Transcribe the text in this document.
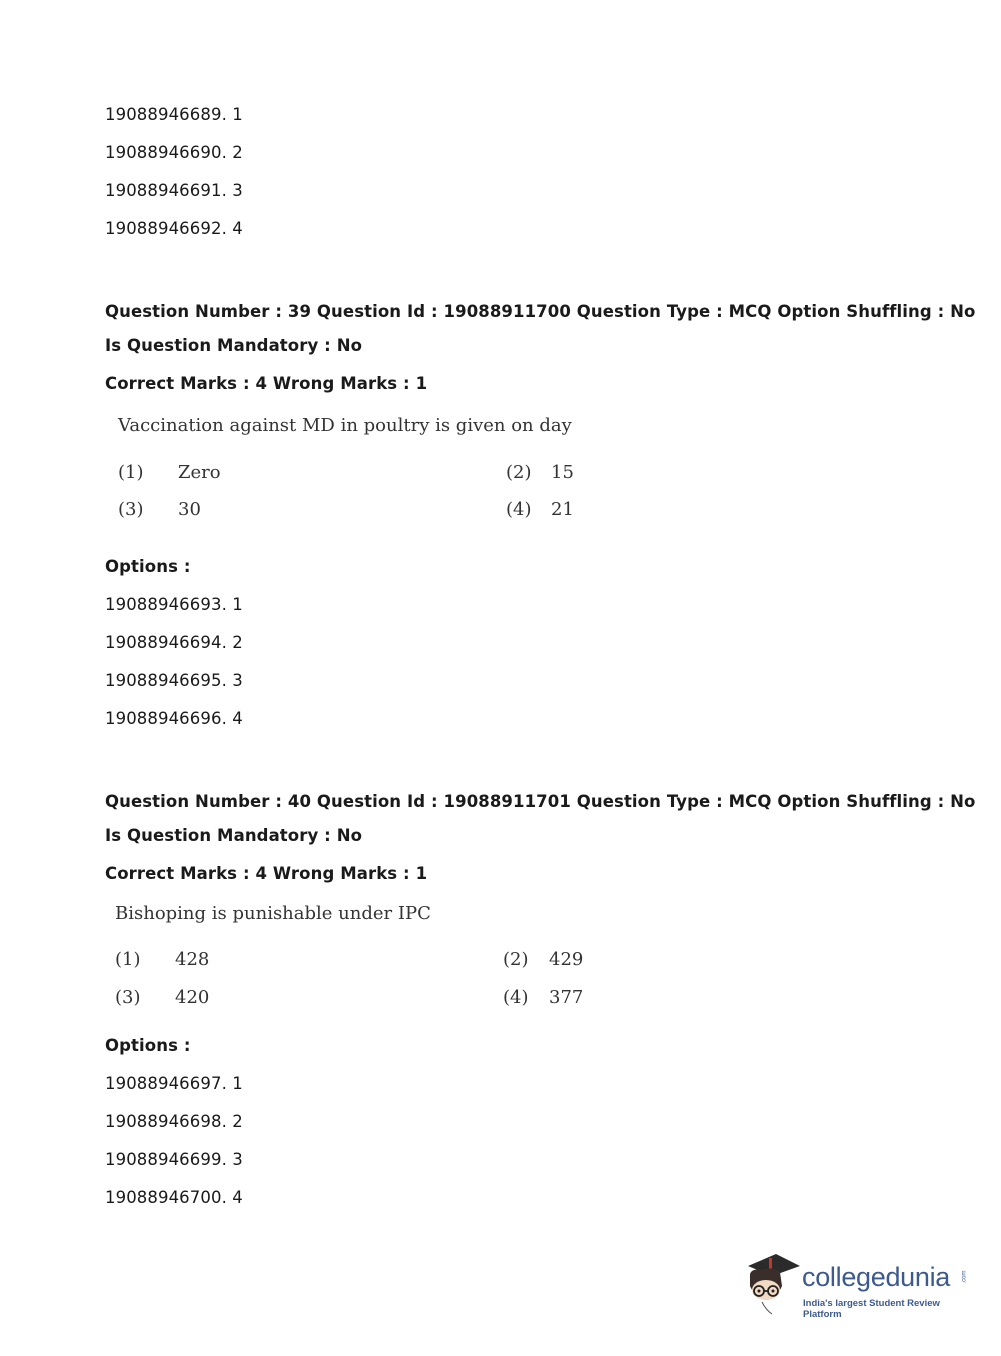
19088946689. 1
19088946690. 2
19088946691. 3
19088946692. 4
Question Number : 39 Question Id : 19088911700 Question Type : MCQ Option Shuffling : No
Is Question Mandatory : No
Correct Marks : 4 Wrong Marks : 1
Vaccination against MD in poultry is given on day
(1) Zero	(2) 15
(3) 30	(4) 21
Options :
19088946693. 1
19088946694. 2
19088946695. 3
19088946696. 4
Question Number : 40 Question Id : 19088911701 Question Type : MCQ Option Shuffling : No
Is Question Mandatory : No
Correct Marks : 4 Wrong Marks : 1
Bishoping is punishable under IPC
(1) 428	(2) 429
(3) 420	(4) 377
Options :
19088946697. 1
19088946698. 2
19088946699. 3
19088946700. 4
collegedunia .com
India's largest Student Review Platform
